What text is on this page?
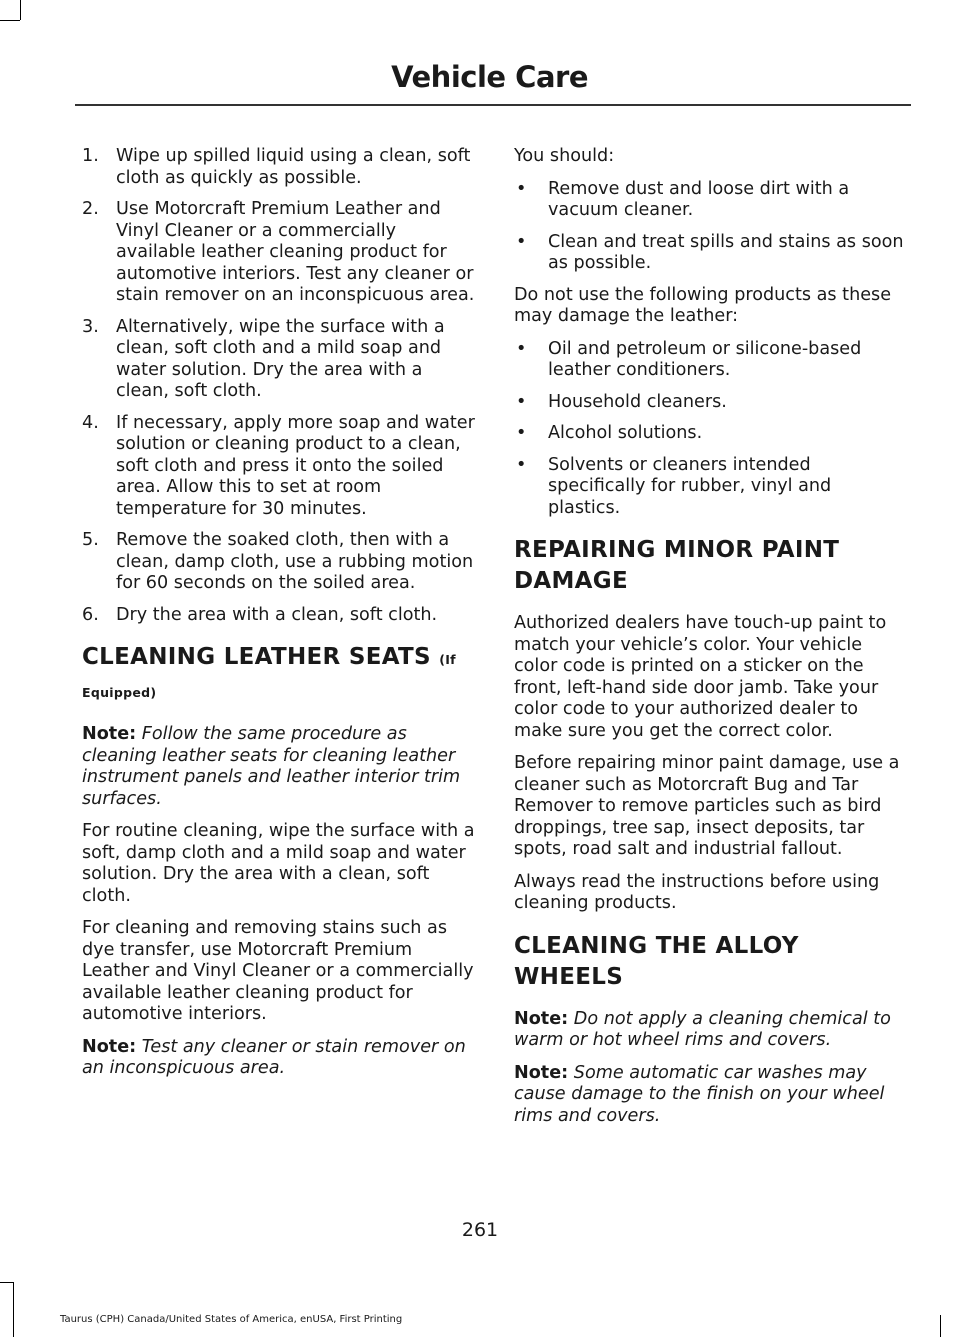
Vehicle Care
1. Wipe up spilled liquid using a clean, soft cloth as quickly as possible.
2. Use Motorcraft Premium Leather and Vinyl Cleaner or a commercially available leather cleaning product for automotive interiors. Test any cleaner or stain remover on an inconspicuous area.
3. Alternatively, wipe the surface with a clean, soft cloth and a mild soap and water solution. Dry the area with a clean, soft cloth.
4. If necessary, apply more soap and water solution or cleaning product to a clean, soft cloth and press it onto the soiled area. Allow this to set at room temperature for 30 minutes.
5. Remove the soaked cloth, then with a clean, damp cloth, use a rubbing motion for 60 seconds on the soiled area.
6. Dry the area with a clean, soft cloth.
CLEANING LEATHER SEATS (If
Equipped)

Note: Follow the same procedure as cleaning leather seats for cleaning leather instrument panels and leather interior trim surfaces.

For routine cleaning, wipe the surface with a soft, damp cloth and a mild soap and water solution. Dry the area with a clean, soft cloth.

For cleaning and removing stains such as dye transfer, use Motorcraft Premium Leather and Vinyl Cleaner or a commercially available leather cleaning product for automotive interiors.

Note: Test any cleaner or stain remover on an inconspicuous area.

You should:

• Remove dust and loose dirt with a vacuum cleaner.
• Clean and treat spills and stains as soon as possible.

Do not use the following products as these may damage the leather:

• Oil and petroleum or silicone-based leather conditioners.
• Household cleaners.
• Alcohol solutions.
• Solvents or cleaners intended specifically for rubber, vinyl and plastics.
REPAIRING MINOR PAINT
DAMAGE

Authorized dealers have touch-up paint to match your vehicle’s color. Your vehicle color code is printed on a sticker on the front, left-hand side door jamb. Take your color code to your authorized dealer to make sure you get the correct color.

Before repairing minor paint damage, use a cleaner such as Motorcraft Bug and Tar Remover to remove particles such as bird droppings, tree sap, insect deposits, tar spots, road salt and industrial fallout.

Always read the instructions before using cleaning products.

CLEANING THE ALLOY
WHEELS

Note: Do not apply a cleaning chemical to warm or hot wheel rims and covers.

Note: Some automatic car washes may cause damage to the finish on your wheel rims and covers.

261

Taurus (CPH) Canada/United States of America, enUSA, First Printing
